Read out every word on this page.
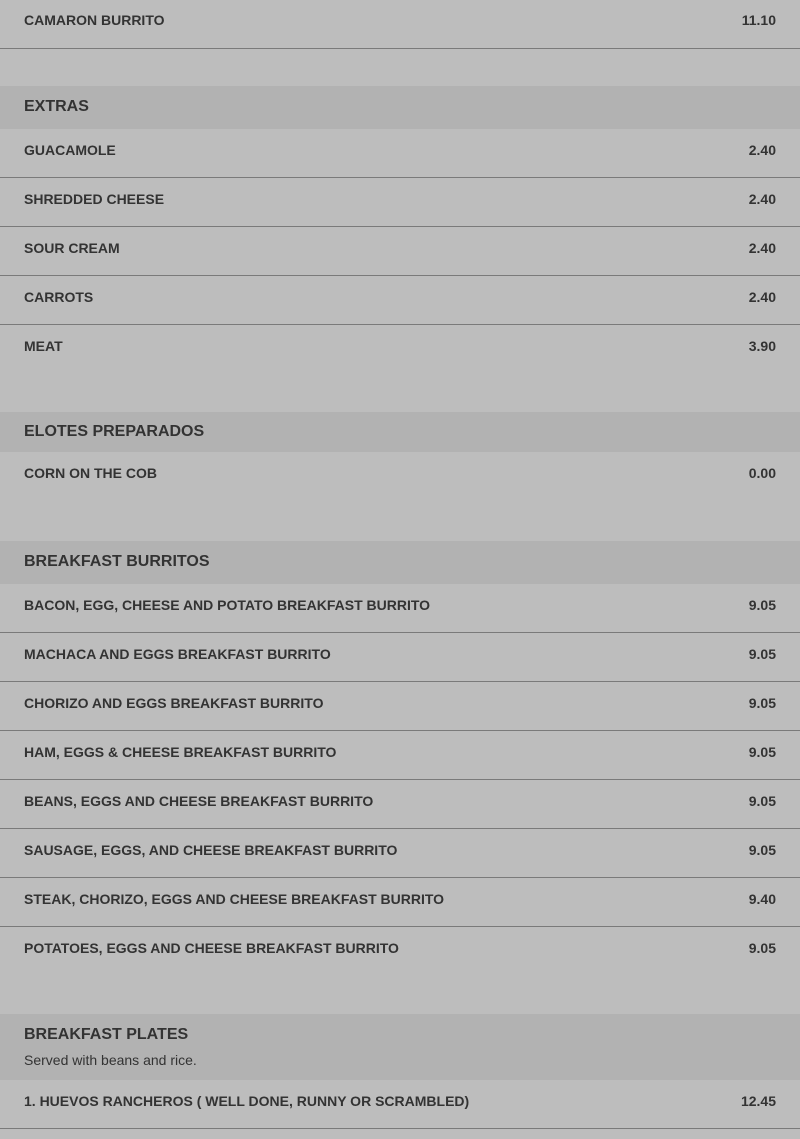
CAMARON BURRITO	11.10
EXTRAS
GUACAMOLE	2.40
SHREDDED CHEESE	2.40
SOUR CREAM	2.40
CARROTS	2.40
MEAT	3.90
ELOTES PREPARADOS
CORN ON THE COB	0.00
BREAKFAST BURRITOS
BACON, EGG, CHEESE AND POTATO BREAKFAST BURRITO	9.05
MACHACA AND EGGS BREAKFAST BURRITO	9.05
CHORIZO AND EGGS BREAKFAST BURRITO	9.05
HAM, EGGS & CHEESE BREAKFAST BURRITO	9.05
BEANS, EGGS AND CHEESE BREAKFAST BURRITO	9.05
SAUSAGE, EGGS, AND CHEESE BREAKFAST BURRITO	9.05
STEAK, CHORIZO, EGGS AND CHEESE BREAKFAST BURRITO	9.40
POTATOES, EGGS AND CHEESE BREAKFAST BURRITO	9.05
BREAKFAST PLATES
Served with beans and rice.
1. HUEVOS RANCHEROS ( WELL DONE, RUNNY OR SCRAMBLED)	12.45
